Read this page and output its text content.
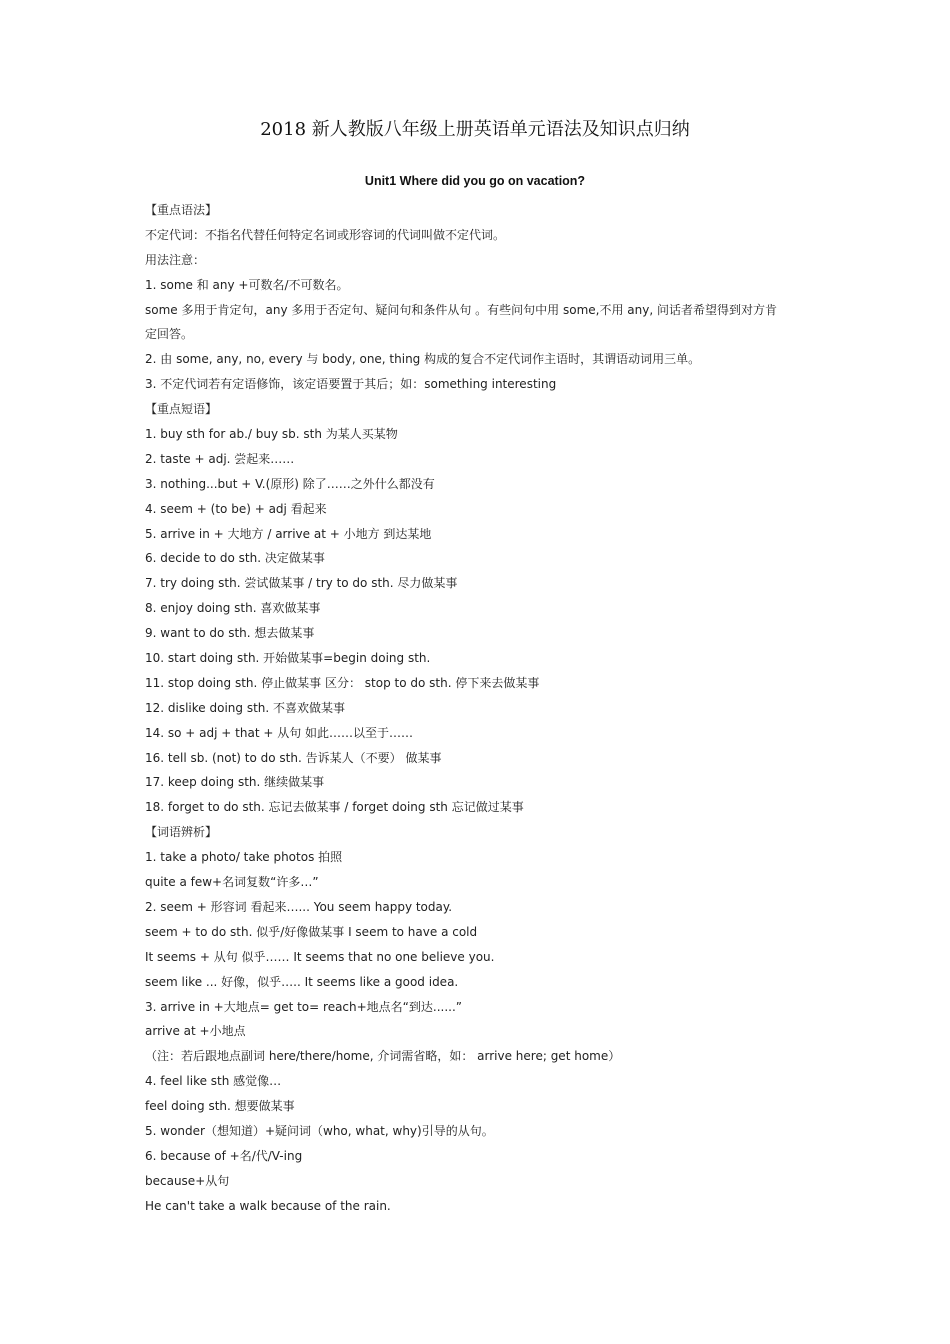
2018 新人教版八年级上册英语单元语法及知识点归纳
Unit1 Where did you go on vacation?
【重点语法】
不定代词：不指名代替任何特定名词或形容词的代词叫做不定代词。
用法注意：
1. some 和 any +可数名/不可数名。
some 多用于肯定句，any 多用于否定句、疑问句和条件从句 。有些问句中用 some,不用 any, 问话者希望得到对方肯
定回答。
2. 由 some, any, no, every 与 body, one, thing 构成的复合不定代词作主语时，其谓语动词用三单。
3. 不定代词若有定语修饰，该定语要置于其后；如：something interesting
【重点短语】
1. buy sth for ab./ buy sb. sth 为某人买某物
2. taste + adj. 尝起来……
3. nothing...but + V.(原形) 除了……之外什么都没有
4. seem + (to be) + adj 看起来
5. arrive in + 大地方 / arrive at + 小地方 到达某地
6. decide to do sth. 决定做某事
7. try doing sth. 尝试做某事 / try to do sth. 尽力做某事
8. enjoy doing sth. 喜欢做某事
9. want to do sth. 想去做某事
10. start doing sth. 开始做某事=begin doing sth.
11. stop doing sth. 停止做某事 区分： stop to do sth. 停下来去做某事
12. dislike doing sth. 不喜欢做某事
14. so + adj + that + 从句 如此……以至于……
16. tell sb. (not) to do sth. 告诉某人（不要） 做某事
17. keep doing sth. 继续做某事
18. forget to do sth. 忘记去做某事 / forget doing sth 忘记做过某事
【词语辨析】
1. take a photo/ take photos 拍照
quite a few+名词复数“许多…”
2. seem + 形容词 看起来…... You seem happy today.
seem + to do sth. 似乎/好像做某事 I seem to have a cold
It seems + 从句 似乎…… It seems that no one believe you.
seem like ... 好像，似乎….. It seems like a good idea.
3. arrive in +大地点= get to= reach+地点名“到达......”
arrive at +小地点
（注：若后跟地点副词 here/there/home, 介词需省略，如： arrive here; get home）
4. feel like sth 感觉像…
feel doing sth. 想要做某事
5. wonder（想知道）+疑问词（who, what, why)引导的从句。
6. because of +名/代/V-ing
because+从句
He can't take a walk because of the rain.
